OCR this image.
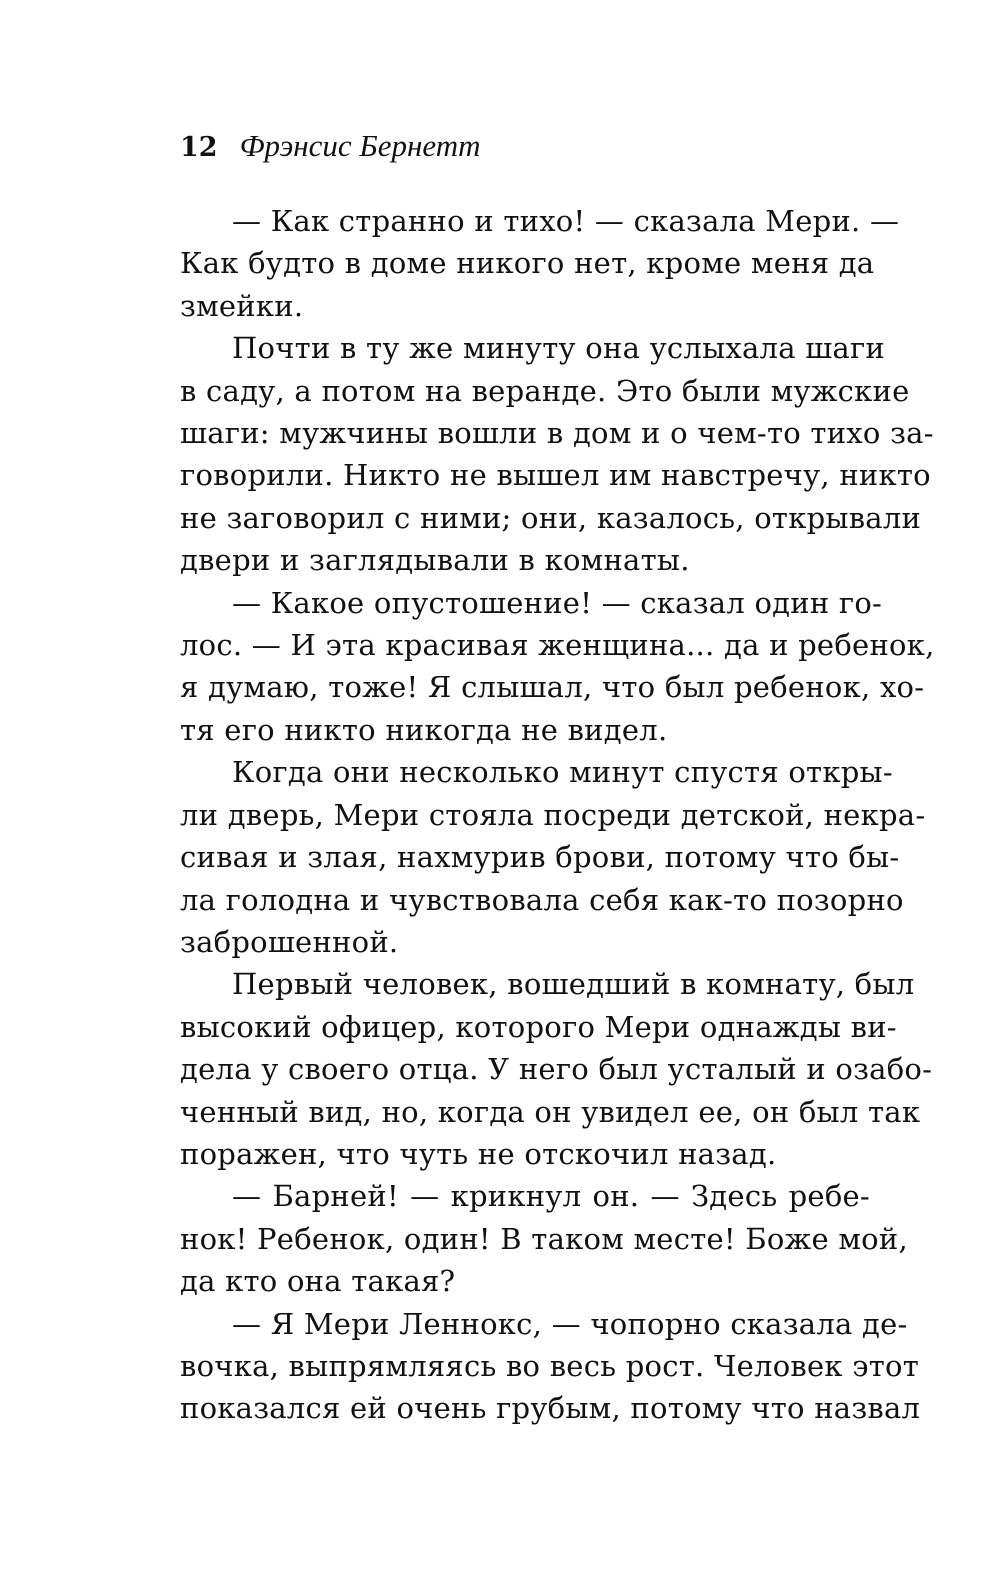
12 Фрэнсис Бернетт

— Как странно и тихо! — сказала Мери. —
Как будто в доме никого нет, кроме меня да
змейки.

Почти в ту же минуту она услыхала шаги
в саду, а потом на веранде. Это были мужские
шаги: мужчины вошли в дом и о чем-то тихо за-
говорили. Никто не вышел им навстречу, никто
не заговорил с ними; они, казалось, открывали
двери и заглядывали в комнаты.

— Какое опустошение! — сказал один го-
лос. — И эта красивая женщина... да и ребенок,
я думаю, тоже! Я слышал, что был ребенок, хо-
тя его никто никогда не видел.

Когда они несколько минут спустя откры-
ли дверь, Мери стояла посреди детской, некра-
сивая и злая, нахмурив брови, потому что бы-
ла голодна и чувствовала себя как-то позорно
заброшенной.

Первый человек, вошедший в комнату, был
высокий офицер, которого Мери однажды ви-
дела у своего отца. У него был усталый и озабо-
ченный вид, но, когда он увидел ее, он был так
поражен, что чуть не отскочил назад.

— Барней! — крикнул он. — Здесь ребе-
нок! Ребенок, один! В таком месте! Боже мой,
да кто она такая?

— Я Мери Леннокс, — чопорно сказала де-
вочка, выпрямляясь во весь рост. Человек этот
показался ей очень грубым, потому что назвал
